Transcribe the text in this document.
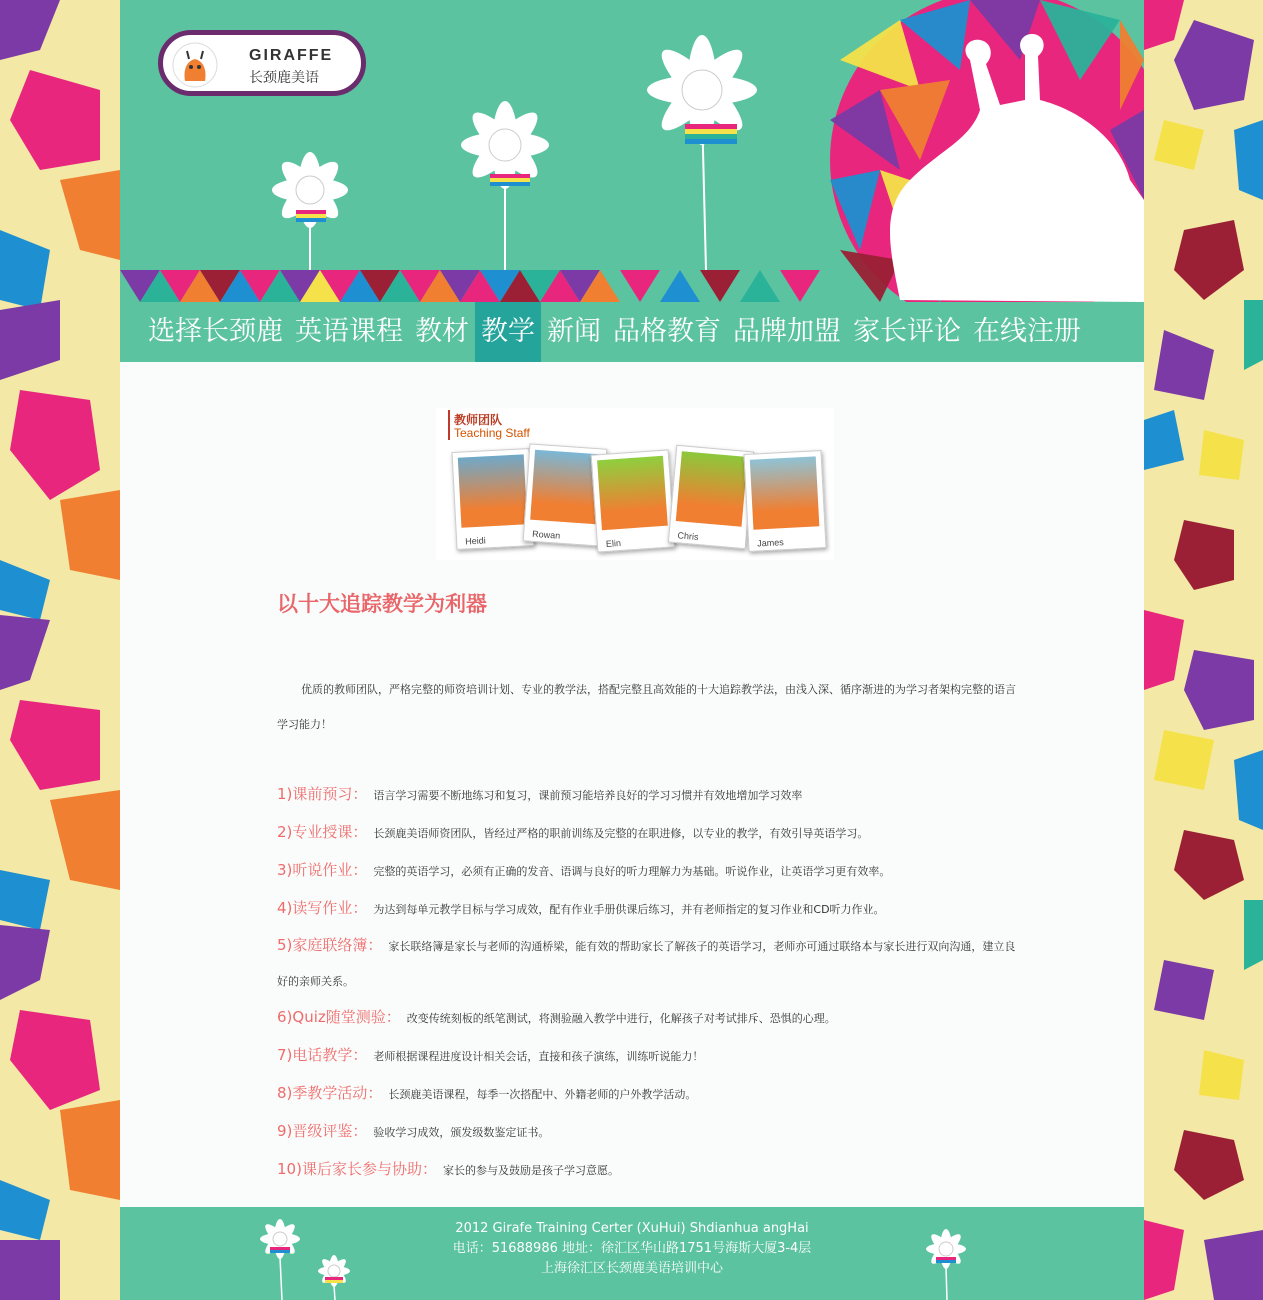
GIRAFFE
长颈鹿美语
选择长颈鹿 英语课程 教材 教学 新闻 品格教育 品牌加盟 家长评论 在线注册
教师团队
Teaching Staff
Heidi
Rowan
Elin
Chris
James
以十大追踪教学为利器
优质的教师团队，严格完整的师资培训计划、专业的教学法，搭配完整且高效能的十大追踪教学法，由浅入深、循序渐进的为学习者架构完整的语言学习能力！
1)课前预习： 语言学习需要不断地练习和复习，课前预习能培养良好的学习习惯并有效地增加学习效率
2)专业授课： 长颈鹿美语师资团队，皆经过严格的职前训练及完整的在职进修，以专业的教学，有效引导英语学习。
3)听说作业： 完整的英语学习，必须有正确的发音、语调与良好的听力理解力为基础。听说作业，让英语学习更有效率。
4)读写作业： 为达到每单元教学目标与学习成效，配有作业手册供课后练习，并有老师指定的复习作业和CD听力作业。
5)家庭联络簿： 家长联络簿是家长与老师的沟通桥梁，能有效的帮助家长了解孩子的英语学习，老师亦可通过联络本与家长进行双向沟通，建立良好的亲师关系。
6)Quiz随堂测验： 改变传统刻板的纸笔测试，将测验融入教学中进行，化解孩子对考试排斥、恐惧的心理。
7)电话教学： 老师根据课程进度设计相关会话，直接和孩子演练，训练听说能力！
8)季教学活动： 长颈鹿美语课程，每季一次搭配中、外籍老师的户外教学活动。
9)晋级评鉴： 验收学习成效，颁发级数鉴定证书。
10)课后家长参与协助： 家长的参与及鼓励是孩子学习意愿。
2012 Girafe Training Certer (XuHui) Shdianhua angHai
电话：51688986 地址：徐汇区华山路1751号海斯大厦3-4层
上海徐汇区长颈鹿美语培训中心
